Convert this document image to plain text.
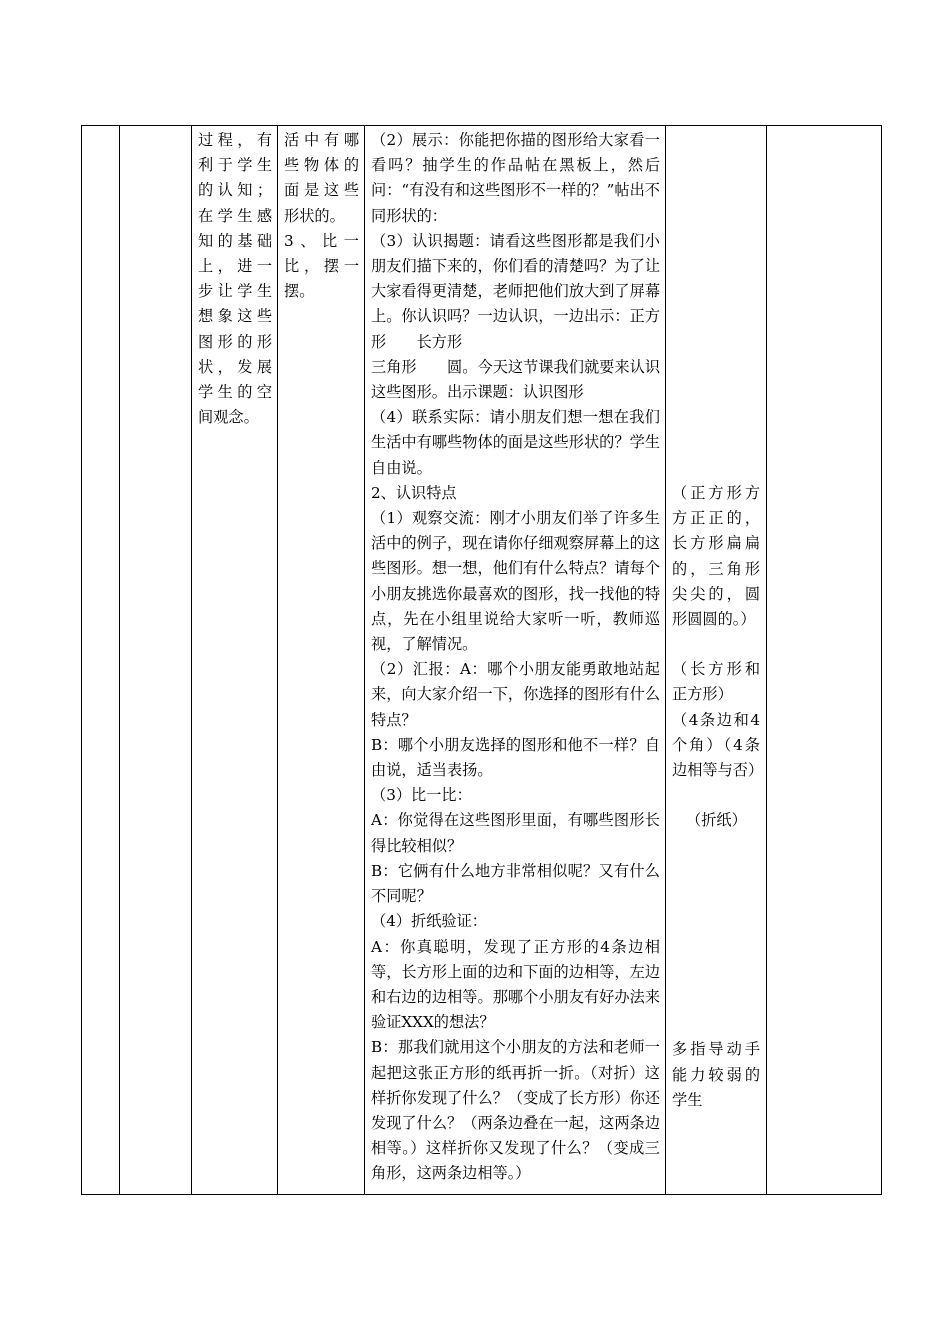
过程，有利于学生的认知；在学生感知的基础上，进一步让学生想象这些图形的形状，发展学生的空间观念。

活中有哪些物体的面是这些形状的。
3、比一比，摆一摆。

（2）展示：你能把你描的图形给大家看一看吗？抽学生的作品帖在黑板上，然后问：“有没有和这些图形不一样的？”帖出不同形状的：
（3）认识揭题：请看这些图形都是我们小朋友们描下来的，你们看的清楚吗？为了让大家看得更清楚，老师把他们放大到了屏幕上。你认识吗？一边认识，一边出示：正方形　　长方形
三角形　　圆。今天这节课我们就要来认识这些图形。出示课题：认识图形
（4）联系实际：请小朋友们想一想在我们生活中有哪些物体的面是这些形状的？学生自由说。
2、认识特点
（1）观察交流：刚才小朋友们举了许多生活中的例子，现在请你仔细观察屏幕上的这些图形。想一想，他们有什么特点？请每个小朋友挑选你最喜欢的图形，找一找他的特点，先在小组里说给大家听一听，教师巡视，了解情况。
（2）汇报：A：哪个小朋友能勇敢地站起来，向大家介绍一下，你选择的图形有什么特点？
B：哪个小朋友选择的图形和他不一样？自由说，适当表扬。
（3）比一比：
A：你觉得在这些图形里面，有哪些图形长得比较相似？
B：它俩有什么地方非常相似呢？又有什么不同呢？
（4）折纸验证：
A：你真聪明，发现了正方形的4条边相等，长方形上面的边和下面的边相等，左边和右边的边相等。那哪个小朋友有好办法来验证XXX的想法？
B：那我们就用这个小朋友的方法和老师一起把这张正方形的纸再折一折。（对折）这样折你发现了什么？（变成了长方形）你还发现了什么？（两条边叠在一起，这两条边相等。）这样折你又发现了什么？（变成三角形，这两条边相等。）

（正方形方方正正的，长方形扁扁的，三角形尖尖的，圆形圆圆的。）
（长方形和正方形）
（4条边和4个角）（4条边相等与否）
（折纸）
多指导动手能力较弱的学生
